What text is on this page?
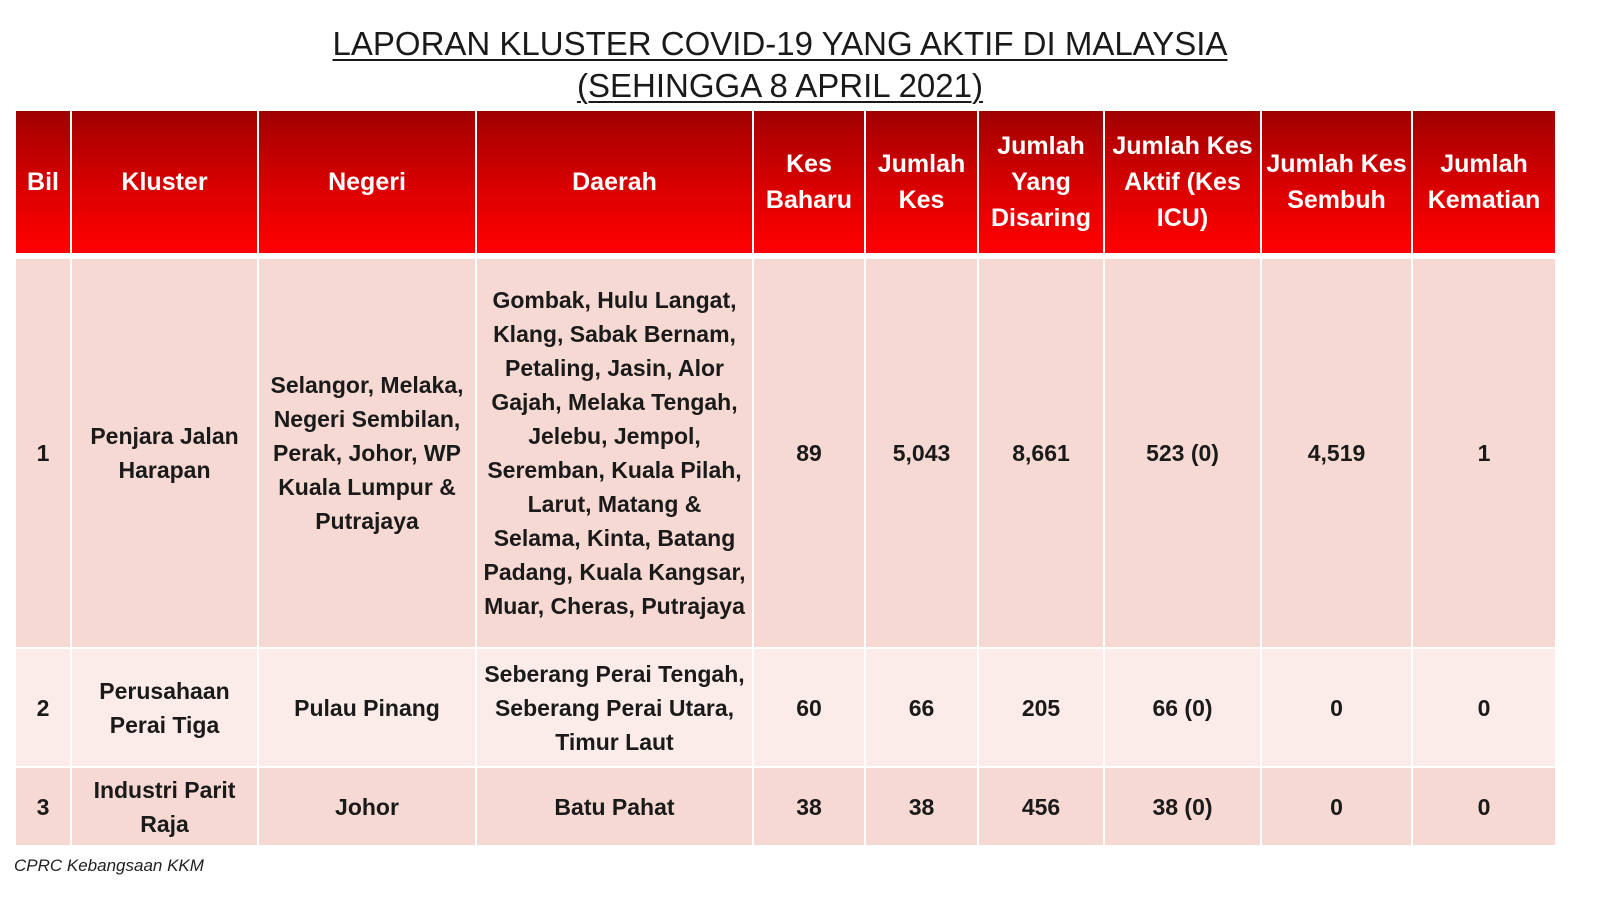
LAPORAN KLUSTER COVID-19 YANG AKTIF DI MALAYSIA
(SEHINGGA 8 APRIL 2021)
Bil	Kluster	Negeri	Daerah	Kes Baharu	Jumlah Kes	Jumlah Yang Disaring	Jumlah Kes Aktif (Kes ICU)	Jumlah Kes Sembuh	Jumlah Kematian
1	Penjara Jalan Harapan	Selangor, Melaka, Negeri Sembilan, Perak, Johor, WP Kuala Lumpur & Putrajaya	Gombak, Hulu Langat, Klang, Sabak Bernam, Petaling, Jasin, Alor Gajah, Melaka Tengah, Jelebu, Jempol, Seremban, Kuala Pilah, Larut, Matang & Selama, Kinta, Batang Padang, Kuala Kangsar, Muar, Cheras, Putrajaya	89	5,043	8,661	523 (0)	4,519	1
2	Perusahaan Perai Tiga	Pulau Pinang	Seberang Perai Tengah, Seberang Perai Utara, Timur Laut	60	66	205	66 (0)	0	0
3	Industri Parit Raja	Johor	Batu Pahat	38	38	456	38 (0)	0	0
CPRC Kebangsaan KKM
